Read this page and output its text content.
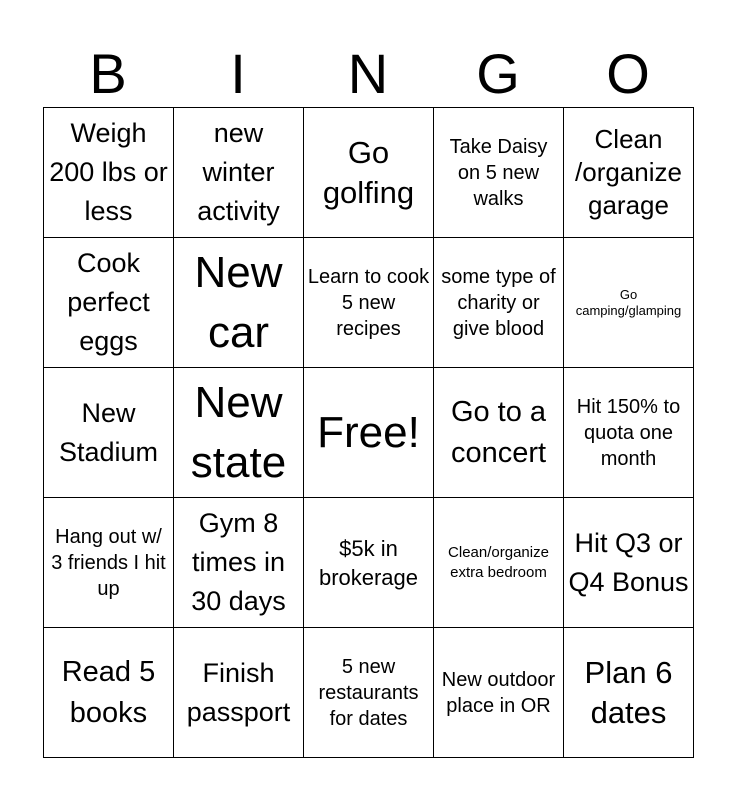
B	I	N	G	O
Weigh 200 lbs or less
new winter activity
Go golfing
Take Daisy on 5 new walks
Clean /organize garage
Cook perfect eggs
New car
Learn to cook 5 new recipes
some type of charity or give blood
Go camping/glamping
New Stadium
New state
Free!	Go to a concert
Hit 150% to quota one month
Hang out w/ 3 friends I hit up
Gym 8 times in 30 days
$5k in brokerage
Clean/organize extra bedroom
Hit Q3 or Q4 Bonus
Read 5 books
Finish passport
5 new restaurants for dates
New outdoor place in OR
Plan 6 dates
